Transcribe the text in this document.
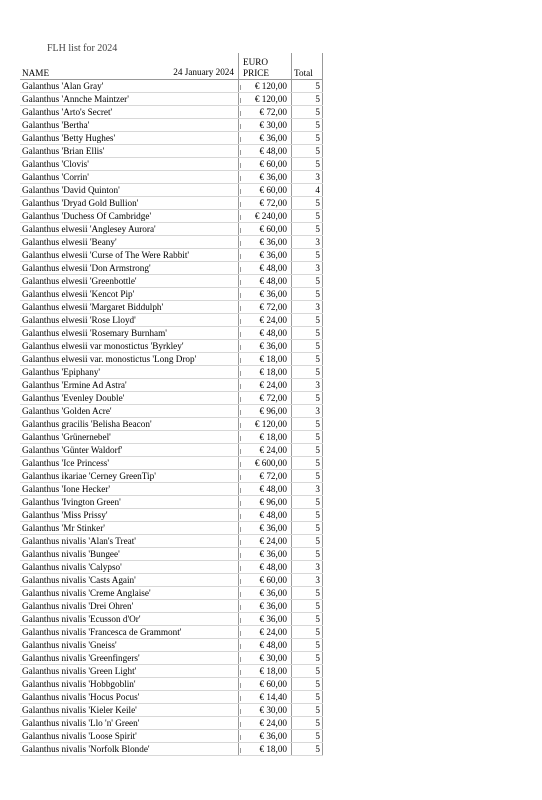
FLH list for 2024
NAME 24 January 2024		EURO
PRICE	Total
Galanthus 'Alan Gray'		€ 120,00	5
Galanthus 'Annche Maintzer'		€ 120,00	5
Galanthus 'Arto's Secret'		€ 72,00	5
Galanthus 'Bertha'		€ 30,00	5
Galanthus 'Betty Hughes'		€ 36,00	5
Galanthus 'Brian Ellis'		€ 48,00	5
Galanthus 'Clovis'		€ 60,00	5
Galanthus 'Corrin'		€ 36,00	3
Galanthus 'David Quinton'		€ 60,00	4
Galanthus 'Dryad Gold Bullion'		€ 72,00	5
Galanthus 'Duchess Of Cambridge'		€ 240,00	5
Galanthus elwesii 'Anglesey Aurora'		€ 60,00	5
Galanthus elwesii 'Beany'		€ 36,00	3
Galanthus elwesii 'Curse of The Were Rabbit'		€ 36,00	5
Galanthus elwesii 'Don Armstrong'		€ 48,00	3
Galanthus elwesii 'Greenbottle'		€ 48,00	5
Galanthus elwesii 'Kencot Pip'		€ 36,00	5
Galanthus elwesii 'Margaret Biddulph'		€ 72,00	3
Galanthus elwesii 'Rose Lloyd'		€ 24,00	5
Galanthus elwesii 'Rosemary Burnham'		€ 48,00	5
Galanthus elwesii var monostictus 'Byrkley'		€ 36,00	5
Galanthus elwesii var. monostictus 'Long Drop'		€ 18,00	5
Galanthus 'Epiphany'		€ 18,00	5
Galanthus 'Ermine Ad Astra'		€ 24,00	3
Galanthus 'Evenley Double'		€ 72,00	5
Galanthus 'Golden Acre'		€ 96,00	3
Galanthus gracilis 'Belisha Beacon'		€ 120,00	5
Galanthus 'Grünernebel'		€ 18,00	5
Galanthus 'Günter Waldorf'		€ 24,00	5
Galanthus 'Ice Princess'		€ 600,00	5
Galanthus ikariae 'Cerney GreenTip'		€ 72,00	5
Galanthus 'Ione Hecker'		€ 48,00	3
Galanthus 'Ivington Green'		€ 96,00	5
Galanthus 'Miss Prissy'		€ 48,00	5
Galanthus 'Mr Stinker'		€ 36,00	5
Galanthus nivalis 'Alan's Treat'		€ 24,00	5
Galanthus nivalis 'Bungee'		€ 36,00	5
Galanthus nivalis 'Calypso'		€ 48,00	3
Galanthus nivalis 'Casts Again'		€ 60,00	3
Galanthus nivalis 'Creme Anglaise'		€ 36,00	5
Galanthus nivalis 'Drei Ohren'		€ 36,00	5
Galanthus nivalis 'Ecusson d'Or'		€ 36,00	5
Galanthus nivalis 'Francesca de Grammont'		€ 24,00	5
Galanthus nivalis 'Gneiss'		€ 48,00	5
Galanthus nivalis 'Greenfingers'		€ 30,00	5
Galanthus nivalis 'Green Light'		€ 18,00	5
Galanthus nivalis 'Hobbgoblin'		€ 60,00	5
Galanthus nivalis 'Hocus Pocus'		€ 14,40	5
Galanthus nivalis 'Kieler Keile'		€ 30,00	5
Galanthus nivalis 'Llo 'n' Green'		€ 24,00	5
Galanthus nivalis 'Loose Spirit'		€ 36,00	5
Galanthus nivalis 'Norfolk Blonde'		€ 18,00	5
